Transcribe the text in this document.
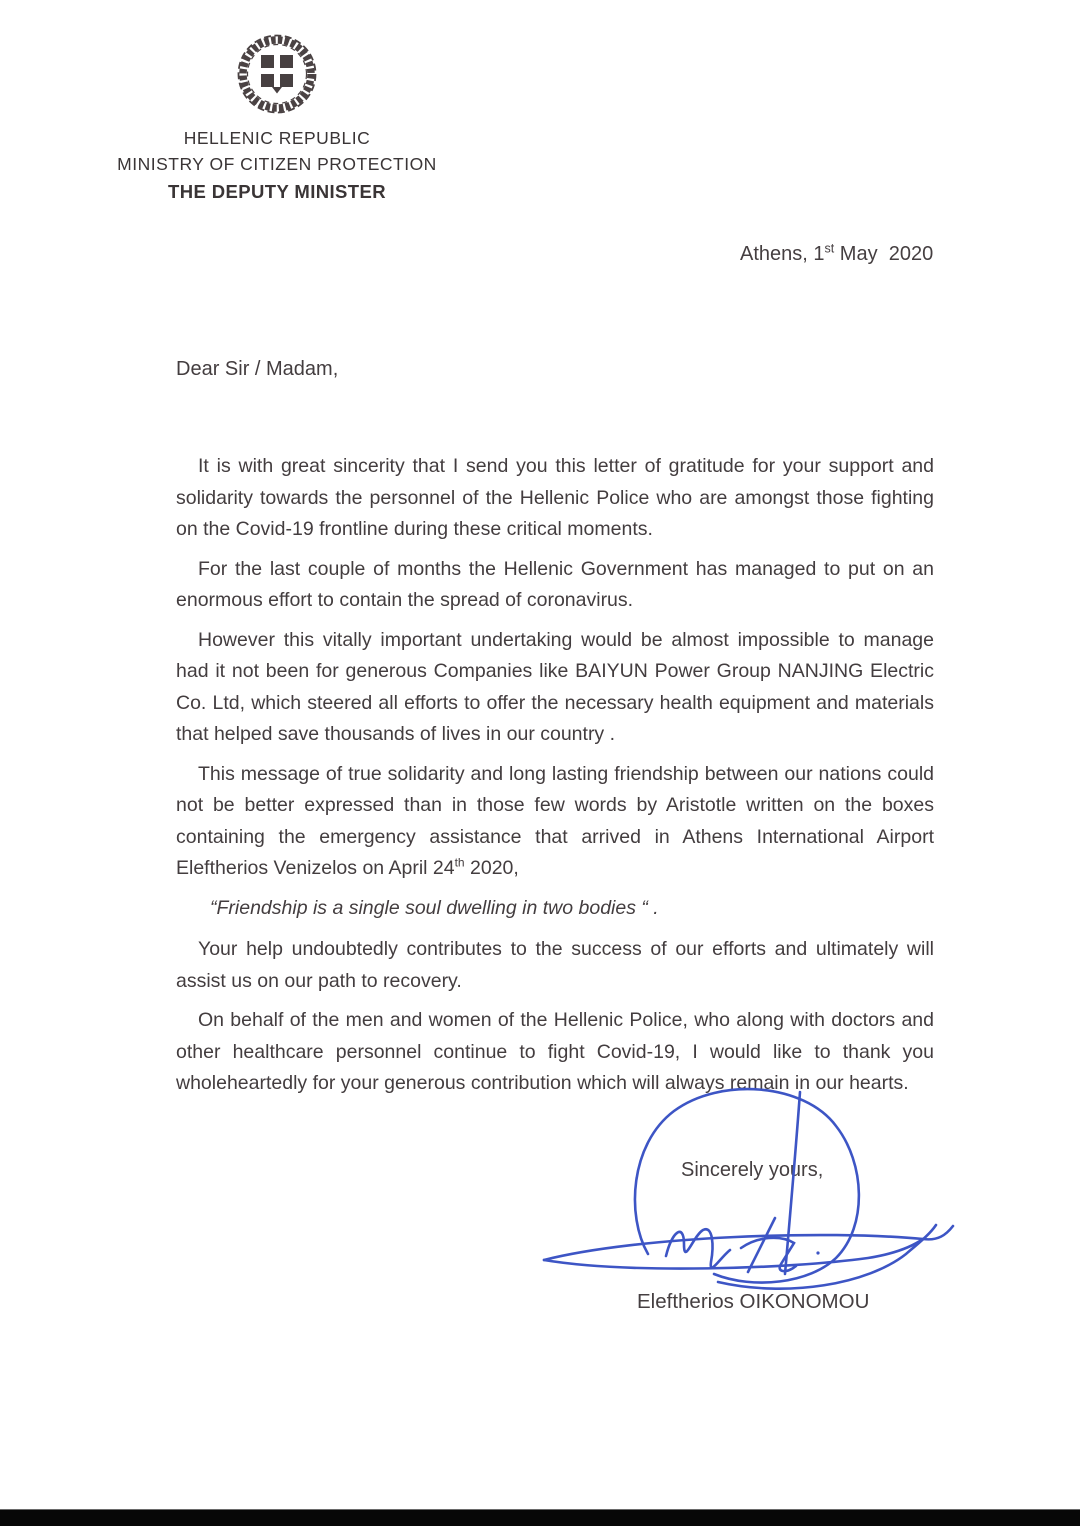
HELLENIC REPUBLIC
MINISTRY OF CITIZEN PROTECTION
THE DEPUTY MINISTER
Athens, 1st May  2020
Dear Sir / Madam,

It is with great sincerity that I send you this letter of gratitude for your support and solidarity towards the personnel of the Hellenic Police who are amongst those fighting on the Covid-19 frontline during these critical moments.

For the last couple of months the Hellenic Government has managed to put on an enormous effort to contain the spread of coronavirus.

However this vitally important undertaking would be almost impossible to manage had it not been for generous Companies like BAIYUN Power Group NANJING Electric Co. Ltd, which steered all efforts to offer the necessary health equipment and materials that helped save thousands of lives in our country .

This message of true solidarity and long lasting friendship between our nations could not be better expressed than in those few words by Aristotle written on the boxes containing the emergency assistance that arrived in Athens International Airport Eleftherios Venizelos on April 24th 2020,

“Friendship is a single soul dwelling in two bodies “ .

Your help undoubtedly contributes to the success of our efforts and ultimately will assist us on our path to recovery.

On behalf of the men and women of the Hellenic Police, who along with doctors and other healthcare personnel continue to fight Covid-19, I would like to thank you wholeheartedly for your generous contribution which will always remain in our hearts.

Sincerely yours,
Eleftherios OIKONOMOU
